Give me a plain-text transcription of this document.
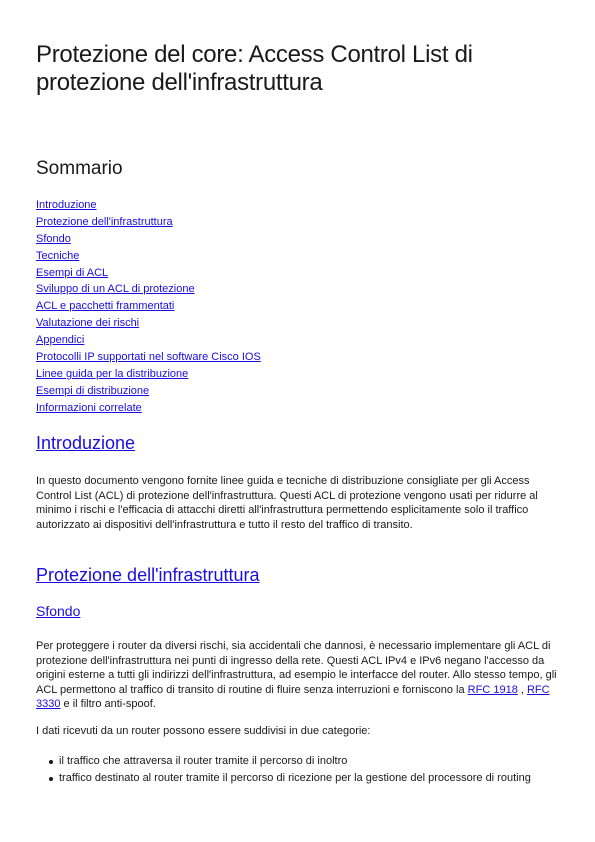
Protezione del core: Access Control List di protezione dell'infrastruttura
Sommario
Introduzione
Protezione dell'infrastruttura
Sfondo
Tecniche
Esempi di ACL
Sviluppo di un ACL di protezione
ACL e pacchetti frammentati
Valutazione dei rischi
Appendici
Protocolli IP supportati nel software Cisco IOS
Linee guida per la distribuzione
Esempi di distribuzione
Informazioni correlate
Introduzione

In questo documento vengono fornite linee guida e tecniche di distribuzione consigliate per gli Access Control List (ACL) di protezione dell'infrastruttura. Questi ACL di protezione vengono usati per ridurre al minimo i rischi e l'efficacia di attacchi diretti all'infrastruttura permettendo esplicitamente solo il traffico autorizzato ai dispositivi dell'infrastruttura e tutto il resto del traffico di transito.

Protezione dell'infrastruttura
Sfondo

Per proteggere i router da diversi rischi, sia accidentali che dannosi, è necessario implementare gli ACL di protezione dell'infrastruttura nei punti di ingresso della rete. Questi ACL IPv4 e IPv6 negano l'accesso da origini esterne a tutti gli indirizzi dell'infrastruttura, ad esempio le interfacce del router. Allo stesso tempo, gli ACL permettono al traffico di transito di routine di fluire senza interruzioni e forniscono la RFC 1918 , RFC 3330 e il filtro anti-spoof.

I dati ricevuti da un router possono essere suddivisi in due categorie:

il traffico che attraversa il router tramite il percorso di inoltro
traffico destinato al router tramite il percorso di ricezione per la gestione del processore di routing
